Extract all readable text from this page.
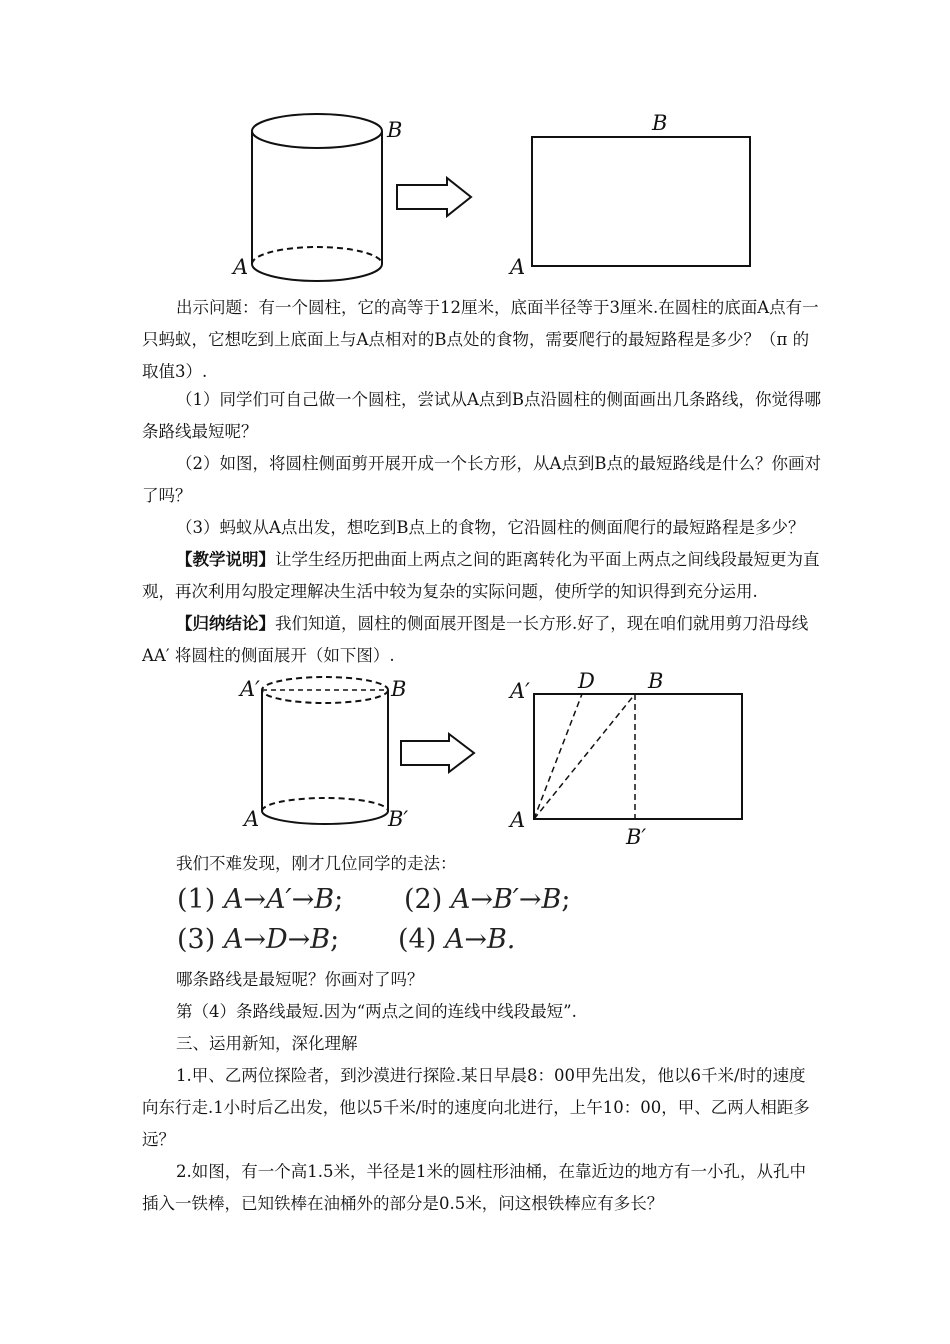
B
A
B
A

出示问题：有一个圆柱，它的高等于12厘米，底面半径等于3厘米.在圆柱的底面A点有一只蚂蚁，它想吃到上底面上与A点相对的B点处的食物，需要爬行的最短路程是多少？（π 的取值3）.

（1）同学们可自己做一个圆柱，尝试从A点到B点沿圆柱的侧面画出几条路线，你觉得哪条路线最短呢？

（2）如图，将圆柱侧面剪开展开成一个长方形，从A点到B点的最短路线是什么？你画对了吗？

（3）蚂蚁从A点出发，想吃到B点上的食物，它沿圆柱的侧面爬行的最短路程是多少？

【教学说明】让学生经历把曲面上两点之间的距离转化为平面上两点之间线段最短更为直观，再次利用勾股定理解决生活中较为复杂的实际问题，使所学的知识得到充分运用.

【归纳结论】我们知道，圆柱的侧面展开图是一长方形.好了，现在咱们就用剪刀沿母线AA′ 将圆柱的侧面展开（如下图）.

A′	B
A	B′
A′ D	B
A
B′

我们不难发现，刚才几位同学的走法：

(1) A→A′→B; (2) A→B′→B;
(3) A→D→B; (4) A→B.

哪条路线是最短呢？你画对了吗？

第（4）条路线最短.因为“两点之间的连线中线段最短”.

三、运用新知，深化理解

1.甲、乙两位探险者，到沙漠进行探险.某日早晨8：00甲先出发，他以6千米/时的速度向东行走.1小时后乙出发，他以5千米/时的速度向北进行，上午10：00，甲、乙两人相距多远？

2.如图，有一个高1.5米，半径是1米的圆柱形油桶，在靠近边的地方有一小孔，从孔中插入一铁棒，已知铁棒在油桶外的部分是0.5米，问这根铁棒应有多长？
